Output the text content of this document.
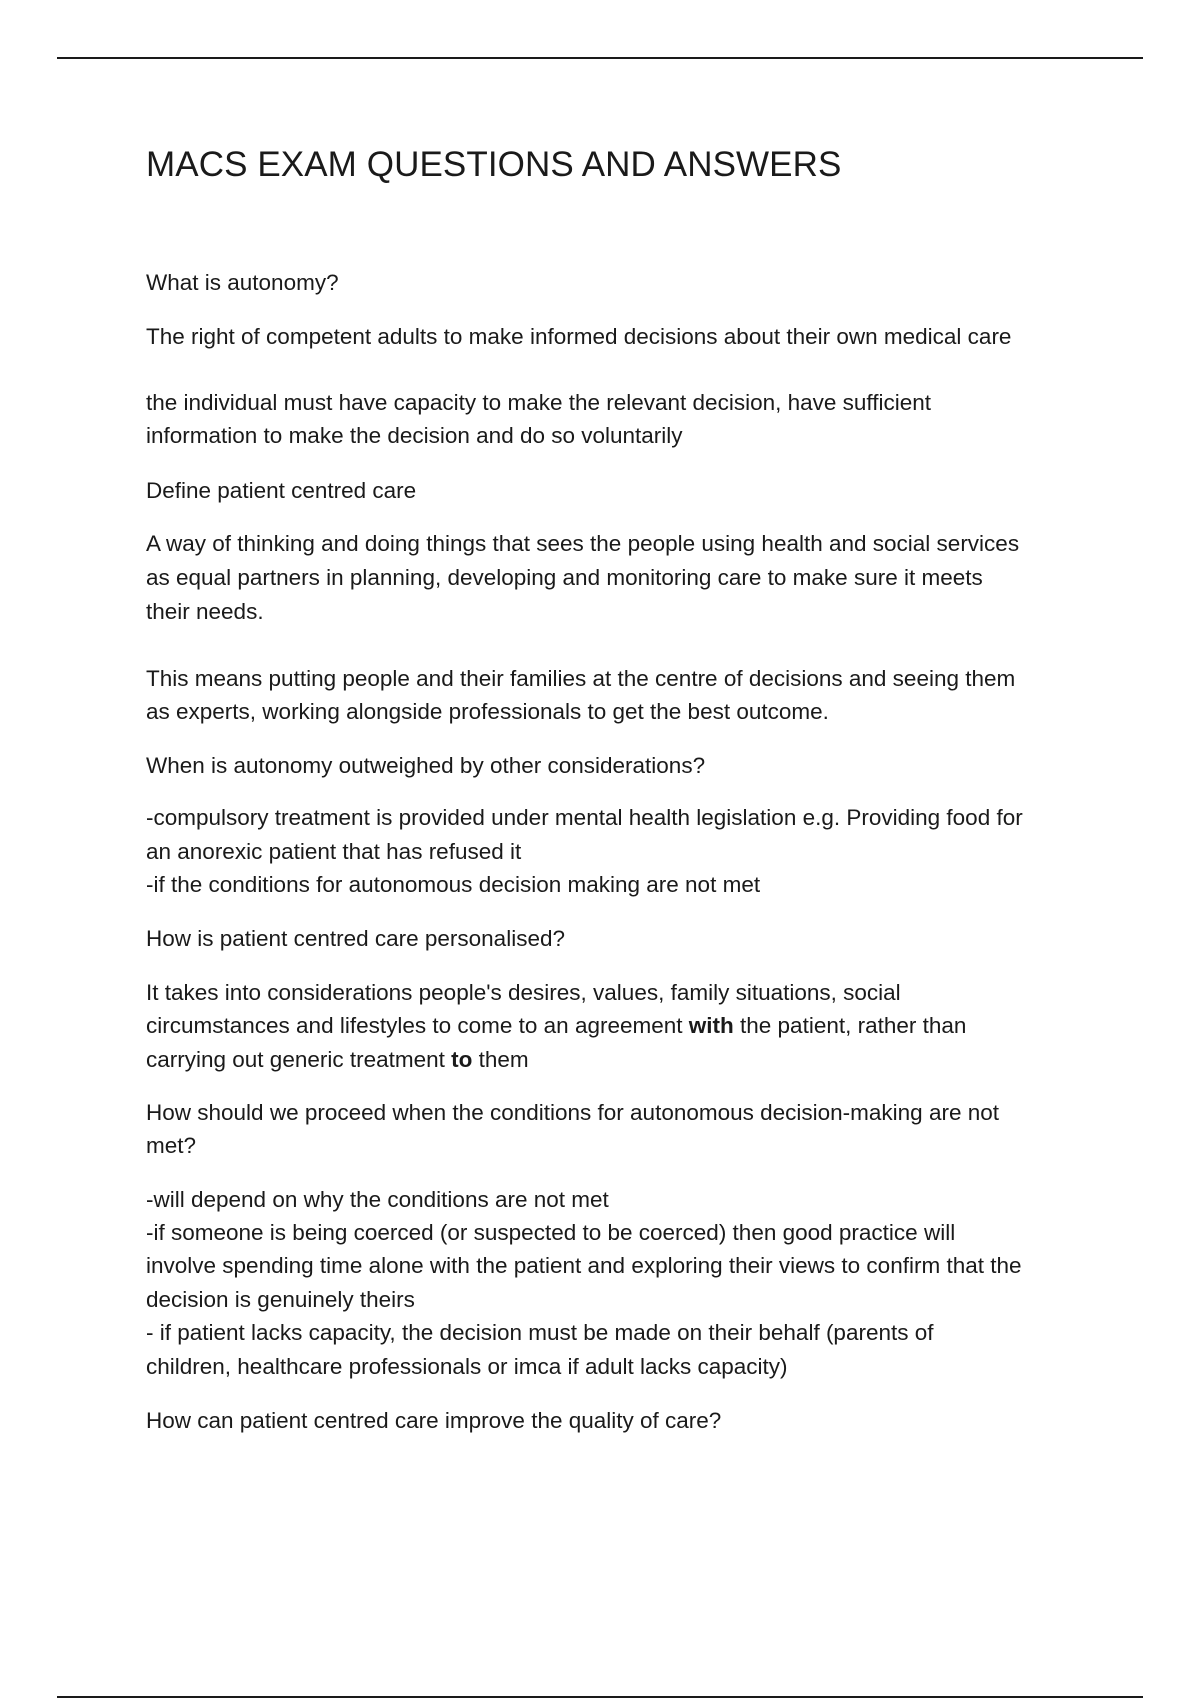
MACS EXAM QUESTIONS AND ANSWERS

What is autonomy?

The right of competent adults to make informed decisions about their own medical care

the individual must have capacity to make the relevant decision, have sufficient

information to make the decision and do so voluntarily

Define patient centred care

A way of thinking and doing things that sees the people using health and social services

as equal partners in planning, developing and monitoring care to make sure it meets

their needs.

This means putting people and their families at the centre of decisions and seeing them

as experts, working alongside professionals to get the best outcome.

When is autonomy outweighed by other considerations?

-compulsory treatment is provided under mental health legislation e.g. Providing food for

an anorexic patient that has refused it

-if the conditions for autonomous decision making are not met

How is patient centred care personalised?

It takes into considerations people's desires, values, family situations, social

circumstances and lifestyles to come to an agreement with the patient, rather than

carrying out generic treatment to them

How should we proceed when the conditions for autonomous decision-making are not

met?

-will depend on why the conditions are not met

-if someone is being coerced (or suspected to be coerced) then good practice will

involve spending time alone with the patient and exploring their views to confirm that the

decision is genuinely theirs

- if patient lacks capacity, the decision must be made on their behalf (parents of

children, healthcare professionals or imca if adult lacks capacity)

How can patient centred care improve the quality of care?
